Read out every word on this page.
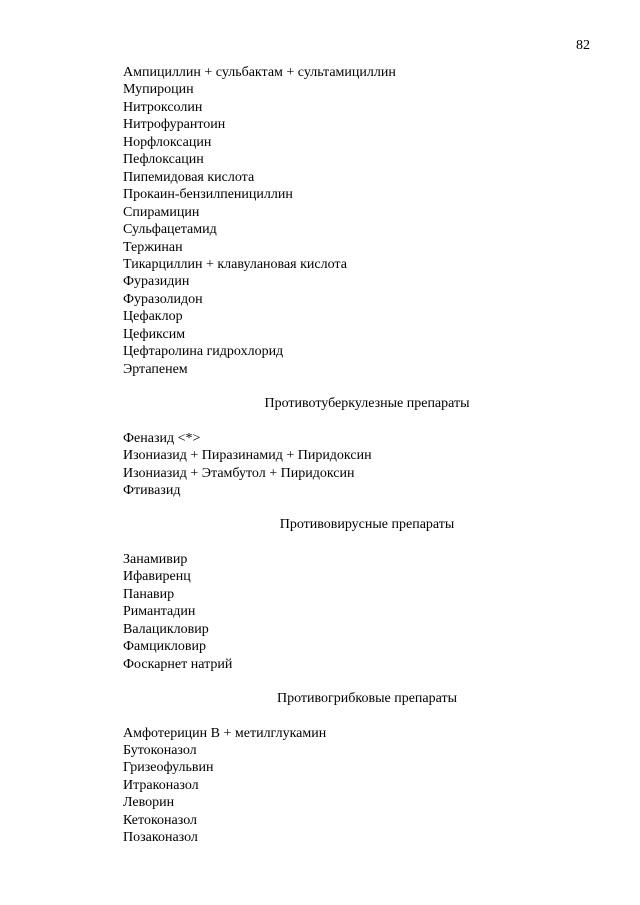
82

Ампициллин + сульбактам + сультамициллин

Мупироцин

Нитроксолин

Нитрофурантоин

Норфлоксацин

Пефлоксацин

Пипемидовая кислота

Прокаин-бензилпенициллин

Спирамицин

Сульфацетамид

Тержинан

Тикарциллин + клавулановая кислота

Фуразидин

Фуразолидон

Цефаклор

Цефиксим

Цефтаролина гидрохлорид

Эртапенем

Противотуберкулезные препараты

Феназид <*>

Изониазид + Пиразинамид + Пиридоксин

Изониазид + Этамбутол + Пиридоксин

Фтивазид

Противовирусные препараты

Занамивир

Ифавиренц

Панавир

Римантадин

Валацикловир

Фамцикловир

Фоскарнет натрий

Противогрибковые препараты

Амфотерицин B + метилглукамин

Бутоконазол

Гризеофульвин

Итраконазол

Леворин

Кетоконазол

Позаконазол
